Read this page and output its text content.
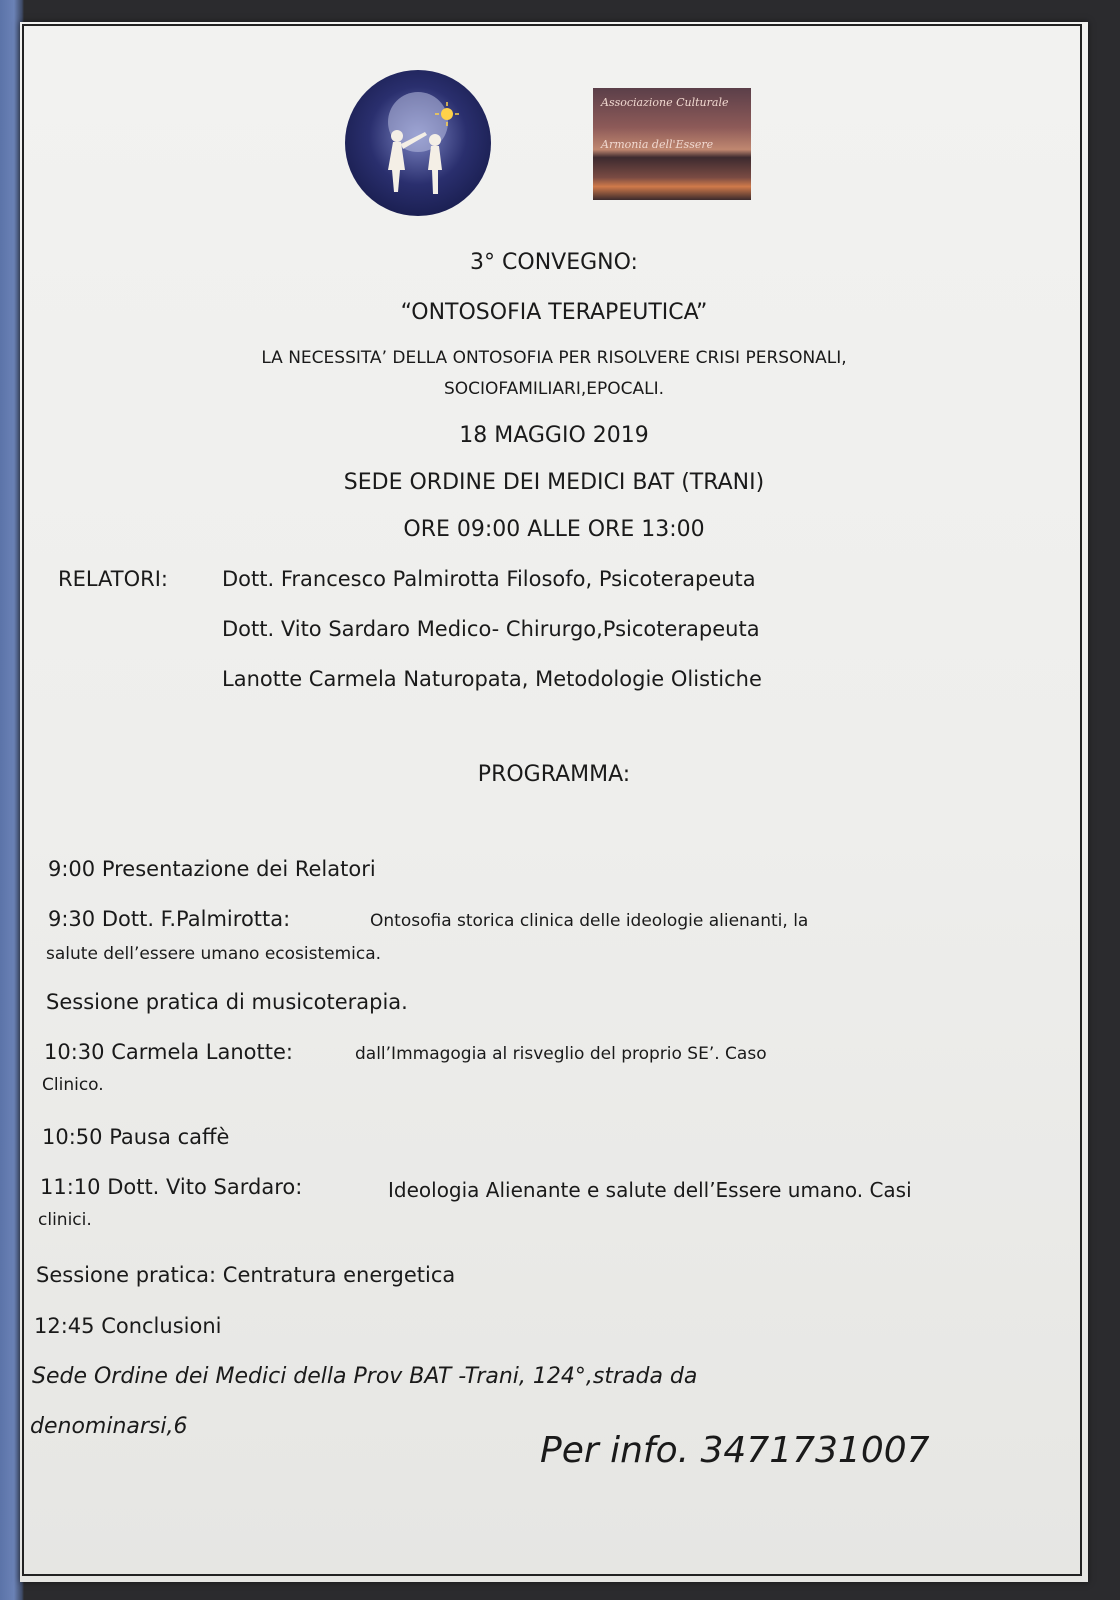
Associazione Culturale
Armonia dell'Essere

3° CONVEGNO:

“ONTOSOFIA TERAPEUTICA”

LA NECESSITA’ DELLA ONTOSOFIA PER RISOLVERE CRISI PERSONALI,

SOCIOFAMILIARI,EPOCALI.

18 MAGGIO 2019

SEDE ORDINE DEI MEDICI BAT (TRANI)

ORE 09:00 ALLE ORE 13:00

RELATORI:	Dott. Francesco Palmirotta Filosofo, Psicoterapeuta

Dott. Vito Sardaro Medico- Chirurgo,Psicoterapeuta

Lanotte Carmela Naturopata, Metodologie Olistiche

PROGRAMMA:

9:00 Presentazione dei Relatori

9:30 Dott. F.Palmirotta:	Ontosofia storica clinica delle ideologie alienanti, la

salute dell’essere umano ecosistemica.

Sessione pratica di musicoterapia.

10:30 Carmela Lanotte:	dall’Immagogia al risveglio del proprio SE’. Caso

Clinico.

10:50 Pausa caffè

11:10 Dott. Vito Sardaro:	Ideologia Alienante e salute dell’Essere umano. Casi

clinici.

Sessione pratica: Centratura energetica

12:45 Conclusioni

Sede Ordine dei Medici della Prov BAT -Trani, 124°,strada da

denominarsi,6

Per info. 3471731007
